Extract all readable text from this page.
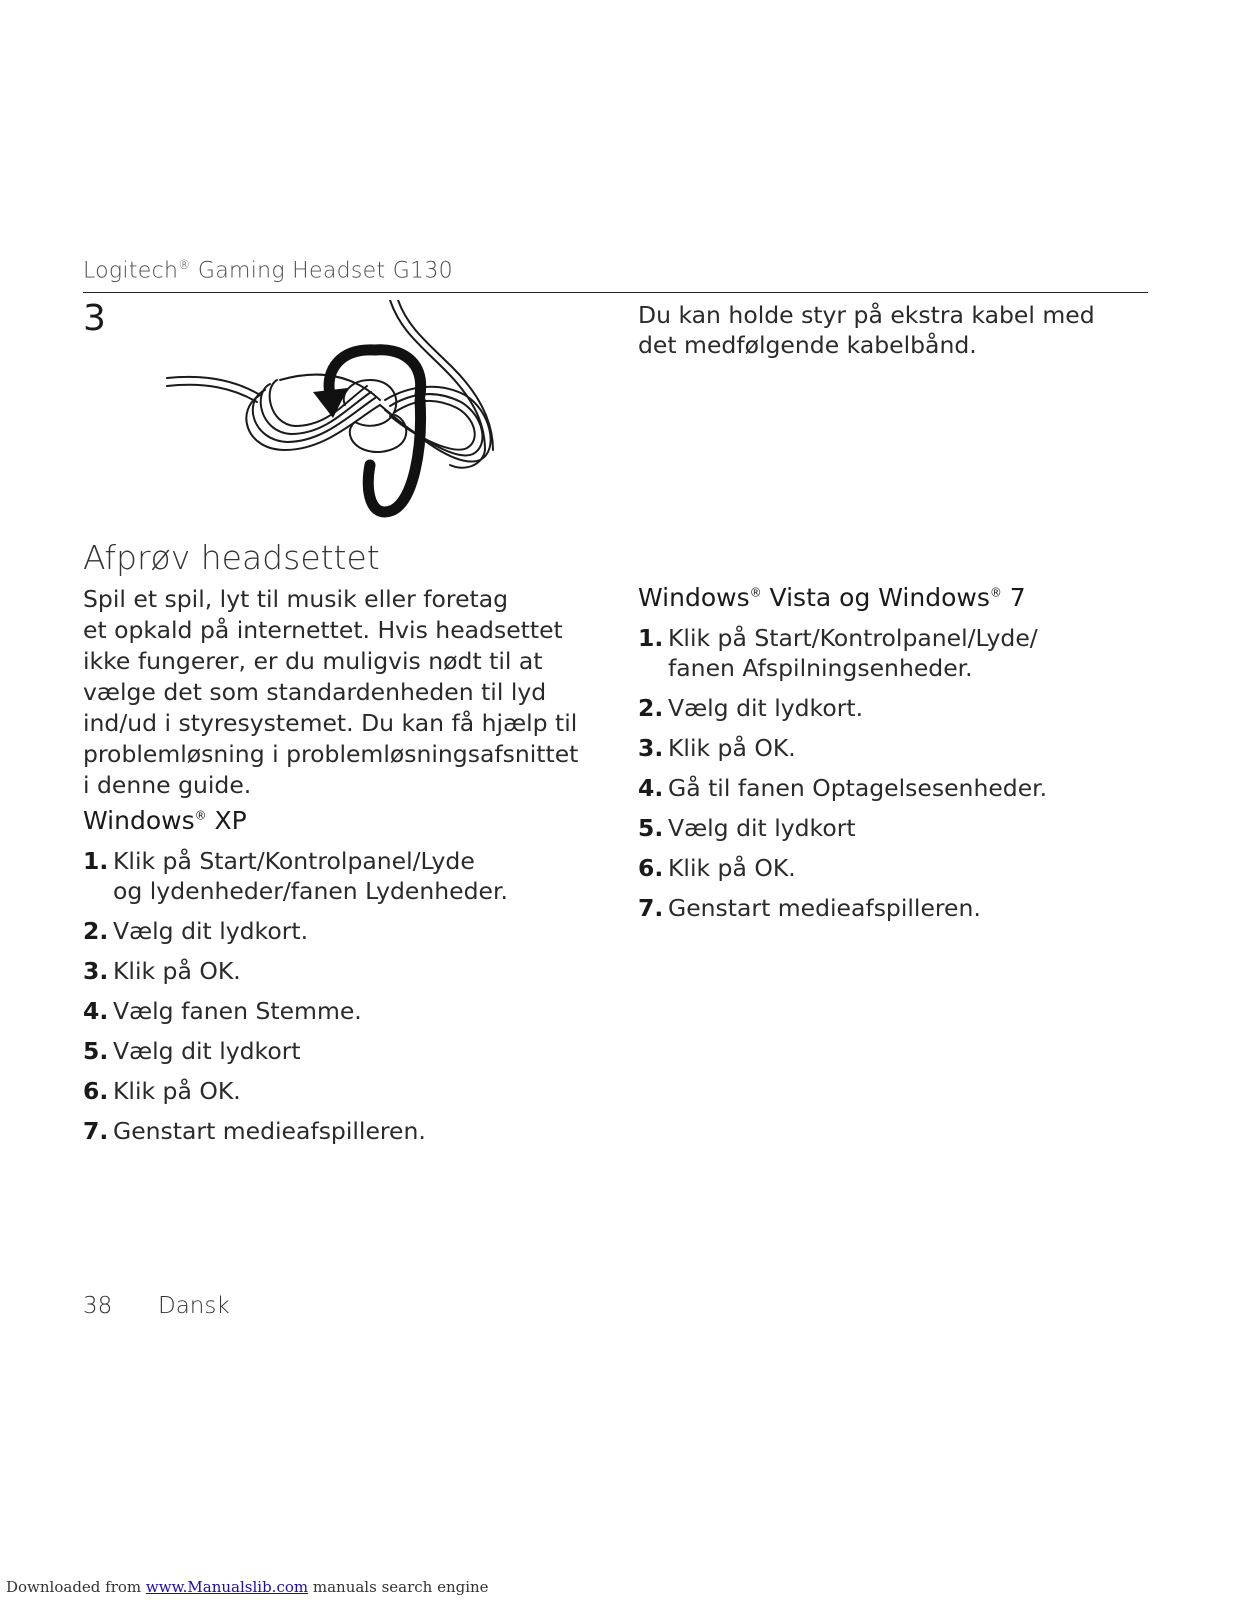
Logitech® Gaming Headset G130
3	Du kan holde styr på ekstra kabel med det medfølgende kabelbånd.
Afprøv headsettet
Spil et spil, lyt til musik eller foretag
et opkald på internettet. Hvis headsettet
ikke fungerer, er du muligvis nødt til at
vælge det som standardenheden til lyd
ind/ud i styresystemet. Du kan få hjælp til
problemløsning i problemløsningsafsnittet
i denne guide.
Windows® XP
1. Klik på Start/Kontrolpanel/Lyde
og lydenheder/fanen Lydenheder.
2. Vælg dit lydkort.
3. Klik på OK.
4. Vælg fanen Stemme.
5. Vælg dit lydkort
6. Klik på OK.
7. Genstart medieafspilleren.
Windows® Vista og Windows® 7
1. Klik på Start/Kontrolpanel/Lyde/
fanen Afspilningsenheder.
2. Vælg dit lydkort.
3. Klik på OK.
4. Gå til fanen Optagelsesenheder.
5. Vælg dit lydkort
6. Klik på OK.
7. Genstart medieafspilleren.
38 Dansk
Downloaded from www.Manualslib.com manuals search engine
